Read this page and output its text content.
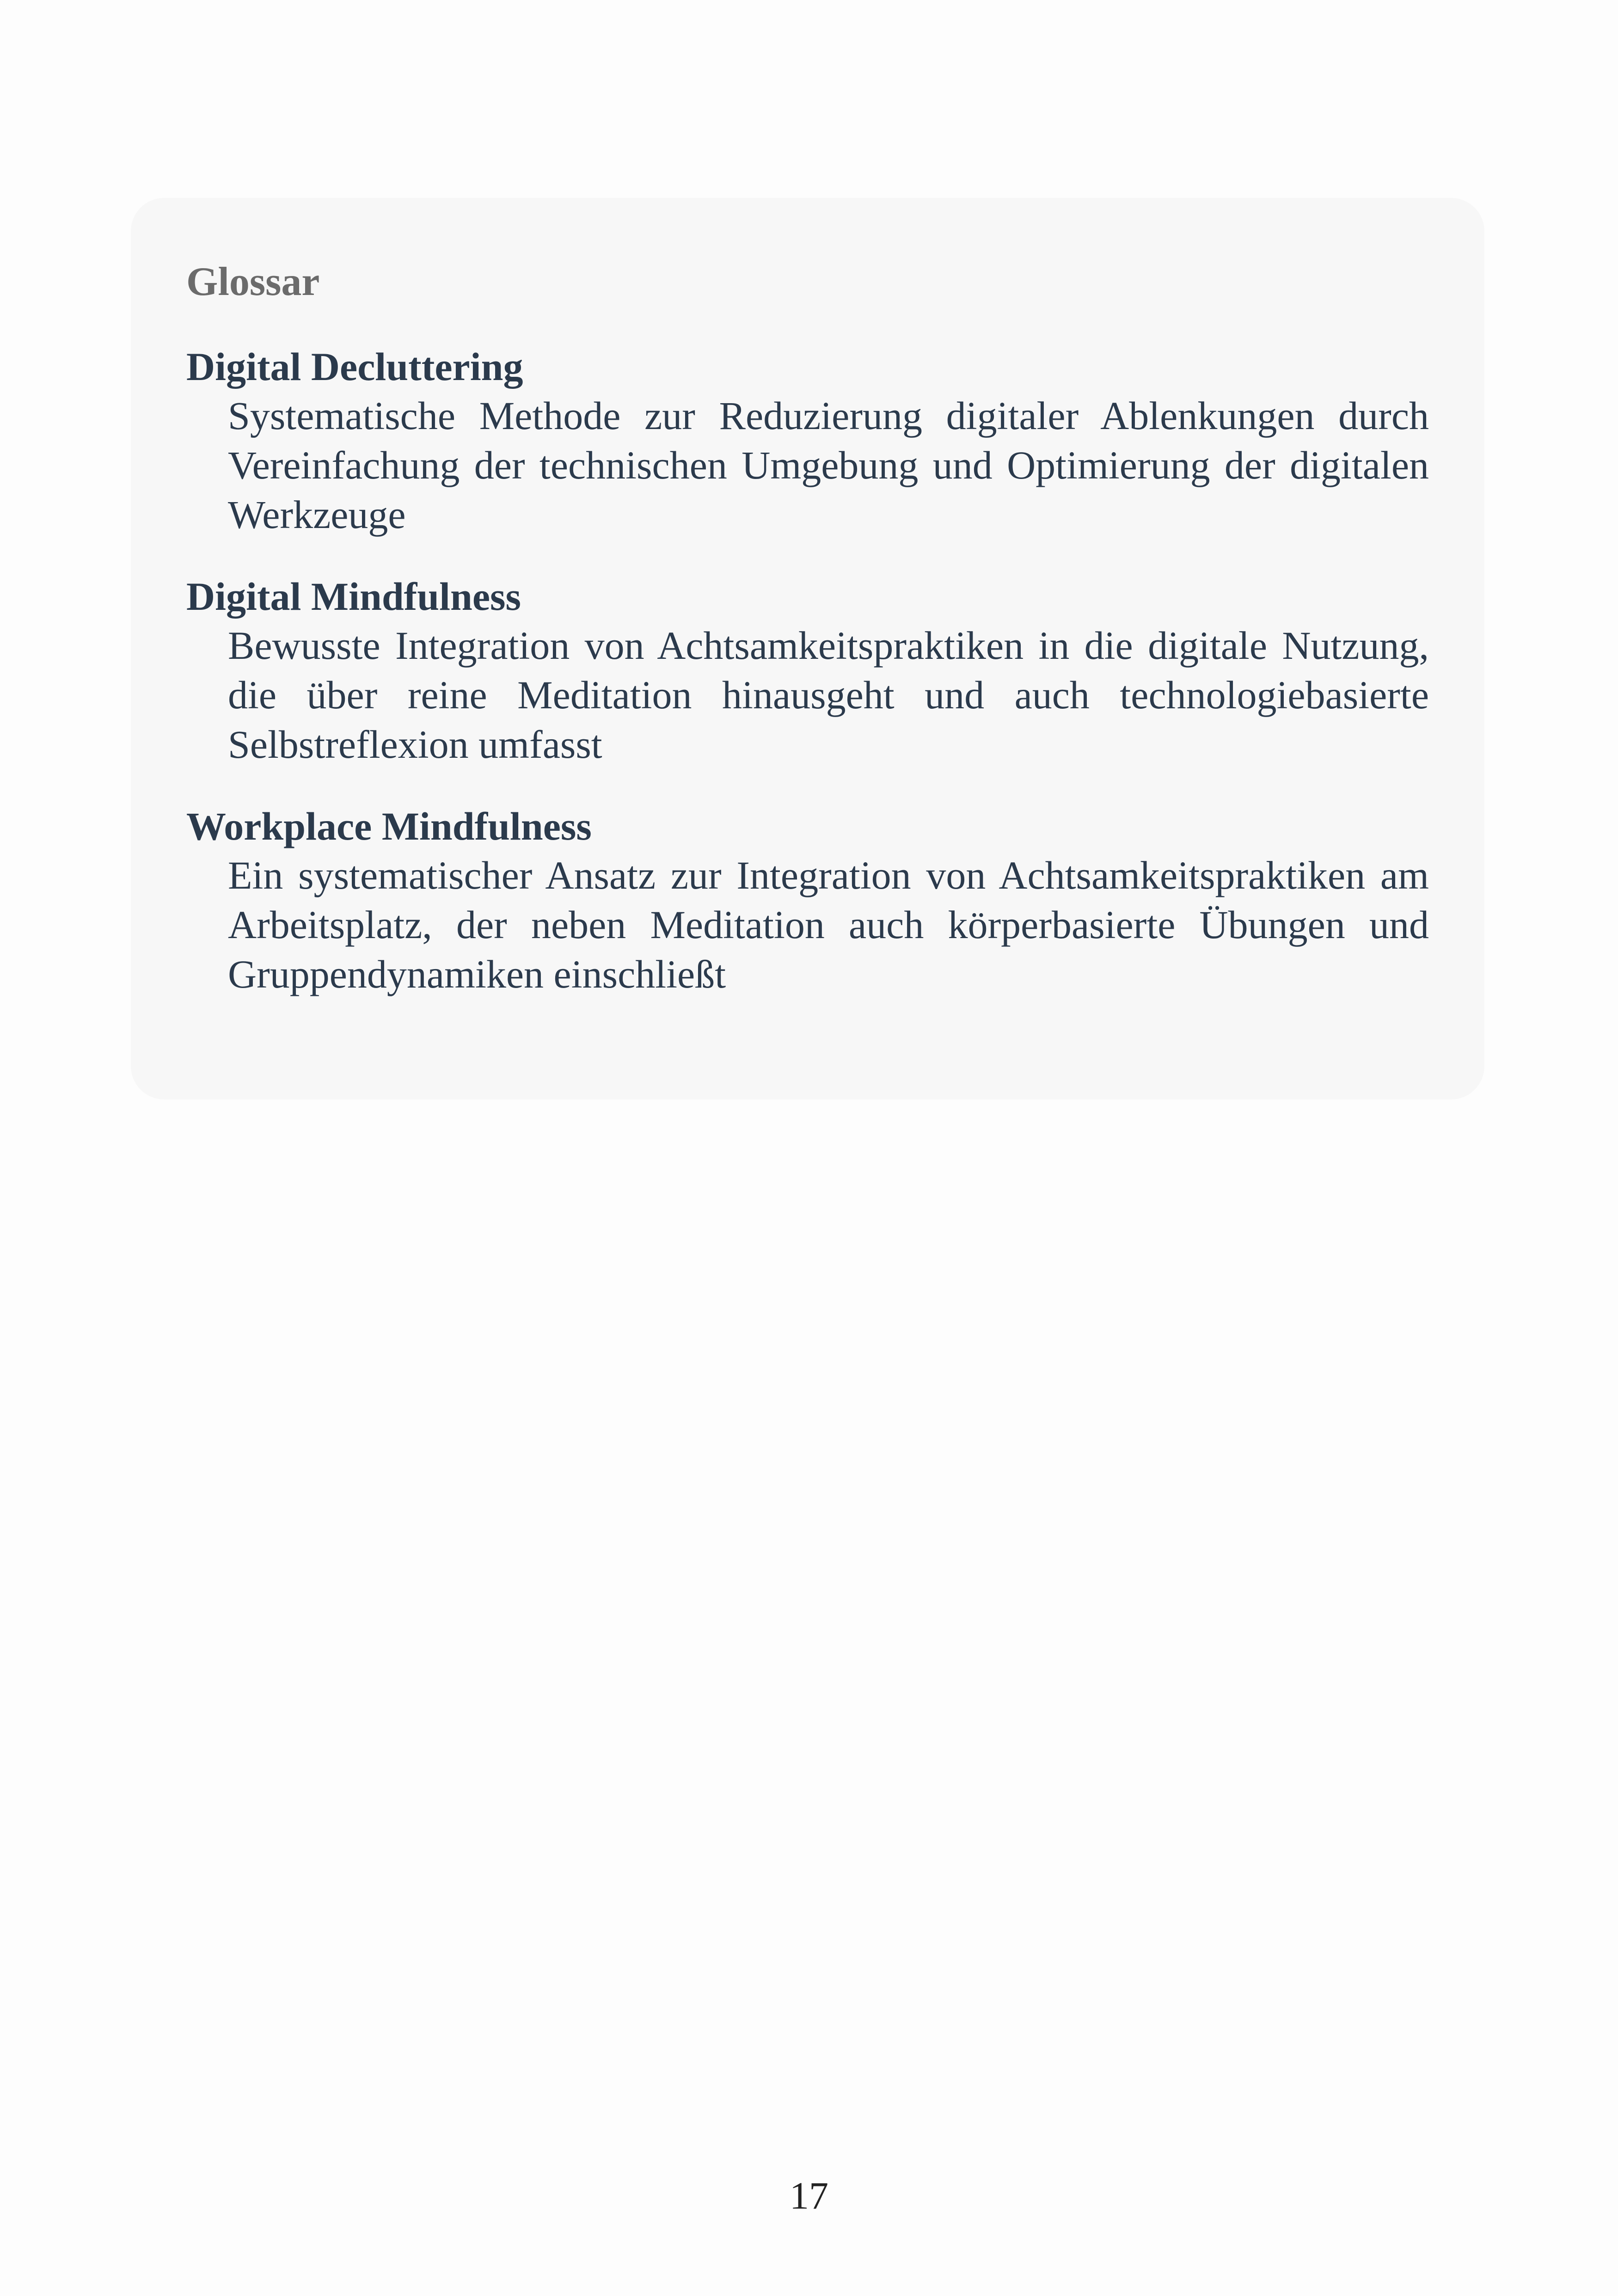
Glossar
Digital Decluttering
Systematische Methode zur Reduzierung digitaler Ablenkungen durch Vereinfachung der technischen Umgebung und Optimierung der digitalen Werkzeuge
Digital Mindfulness
Bewusste Integration von Achtsamkeitspraktiken in die digitale Nutzung, die über reine Meditation hinausgeht und auch technologiebasierte Selbstreflexion umfasst
Workplace Mindfulness
Ein systematischer Ansatz zur Integration von Achtsamkeitspraktiken am Arbeitsplatz, der neben Meditation auch körperbasierte Übungen und Gruppendynamiken einschließt
17
